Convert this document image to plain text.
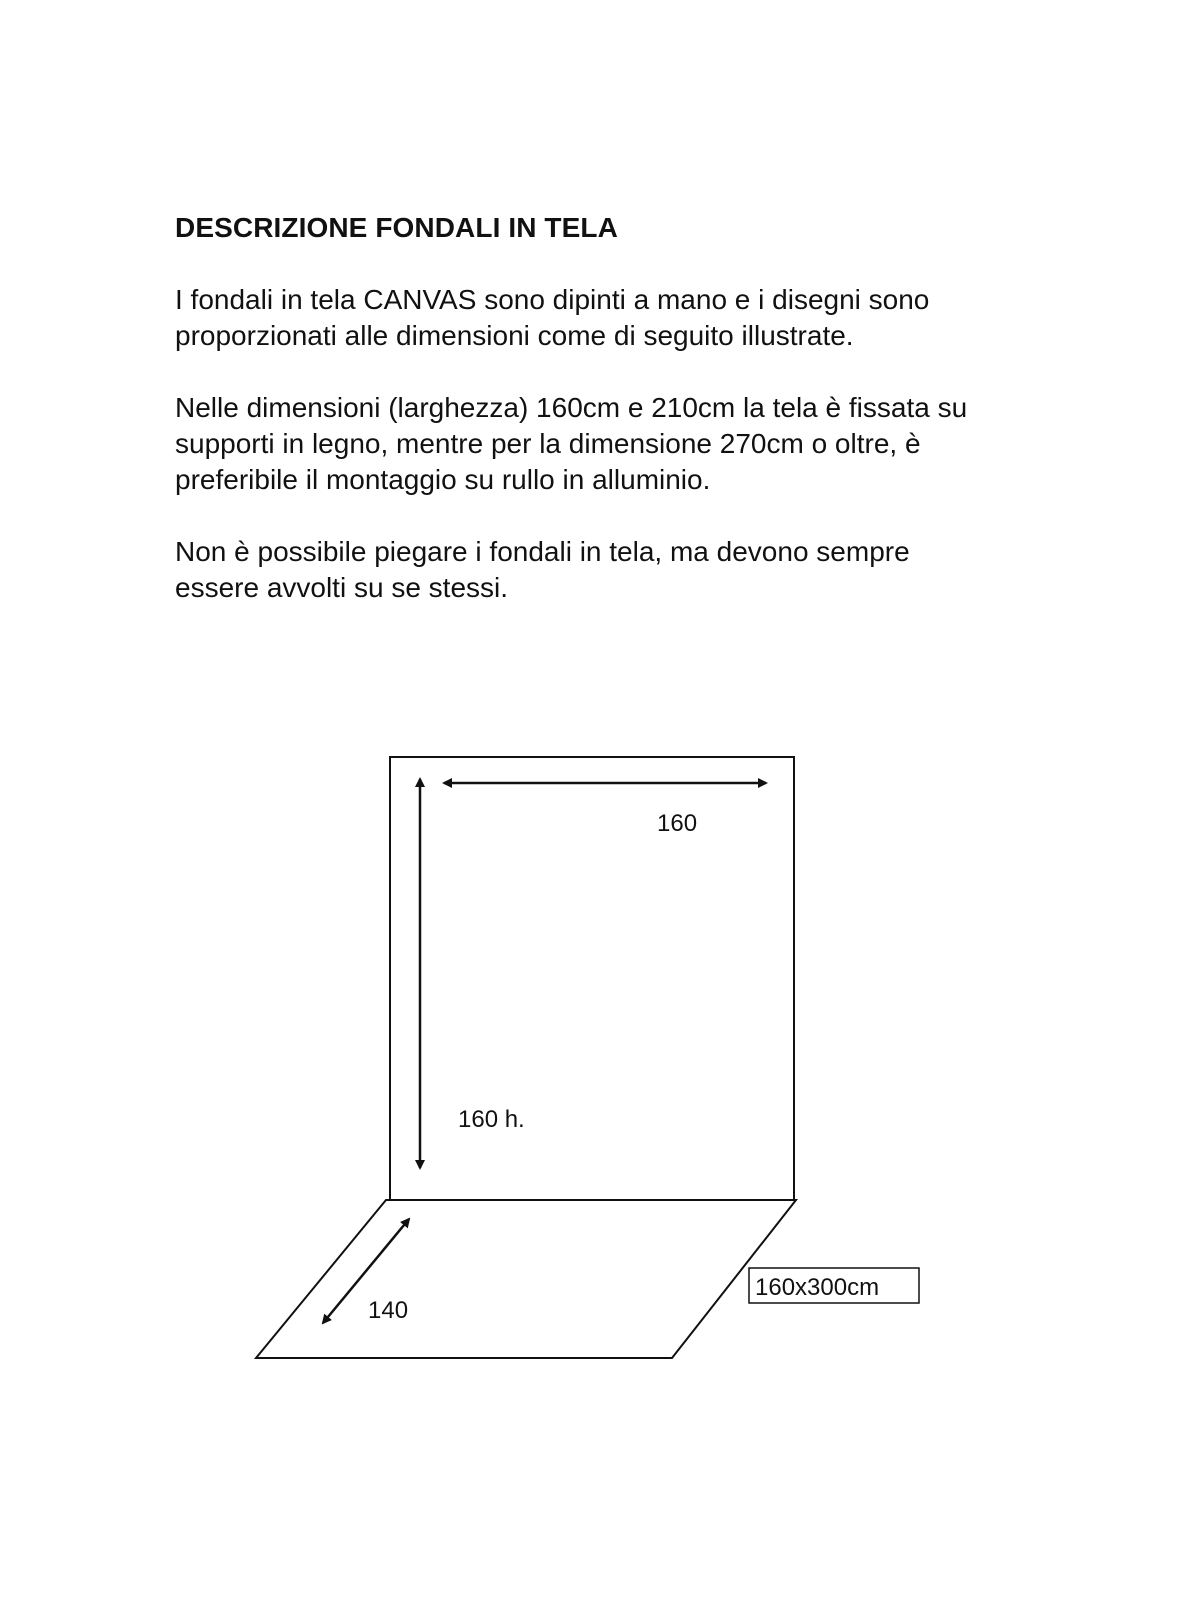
DESCRIZIONE FONDALI IN TELA

I fondali in tela CANVAS sono dipinti a mano e i disegni sono
proporzionati alle dimensioni come di seguito illustrate.

Nelle dimensioni (larghezza) 160cm e 210cm la tela è fissata su
supporti in legno, mentre per la dimensione 270cm o oltre, è
preferibile il montaggio su rullo in alluminio.

Non è possibile piegare i fondali in tela, ma devono sempre
essere avvolti su se stessi.

160
160 h.
140
160x300cm
